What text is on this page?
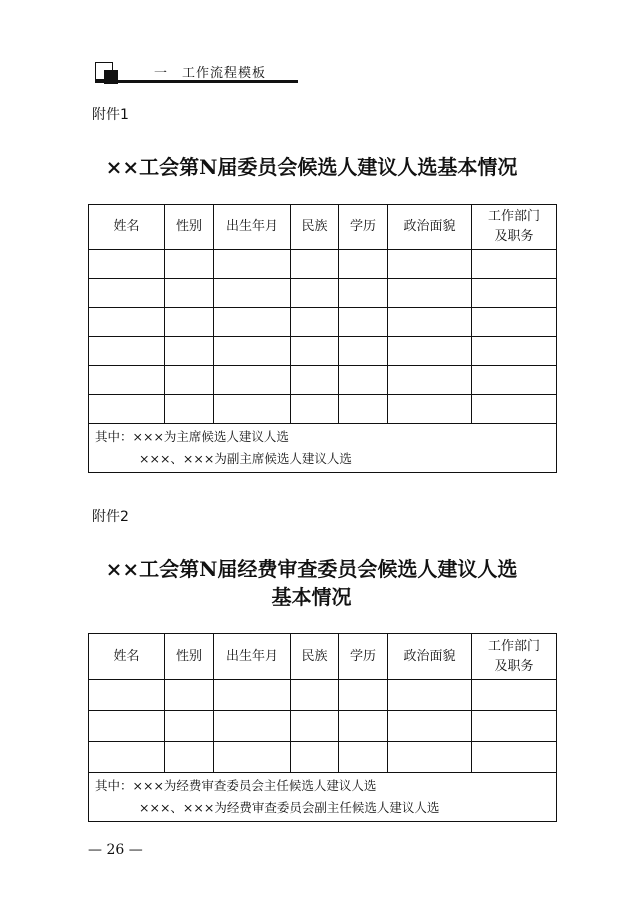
一　工作流程模板
附件1
××工会第N届委员会候选人建议人选基本情况
姓名	性别	出生年月	民族	学历	政治面貌	工作部门
及职务

其中：×××为主席候选人建议人选
×××、×××为副主席候选人建议人选						
附件2
××工会第N届经费审查委员会候选人建议人选
基本情况
姓名	性别	出生年月	民族	学历	政治面貌	工作部门
及职务

其中：×××为经费审查委员会主任候选人建议人选
×××、×××为经费审查委员会副主任候选人建议人选						
— 26 —
